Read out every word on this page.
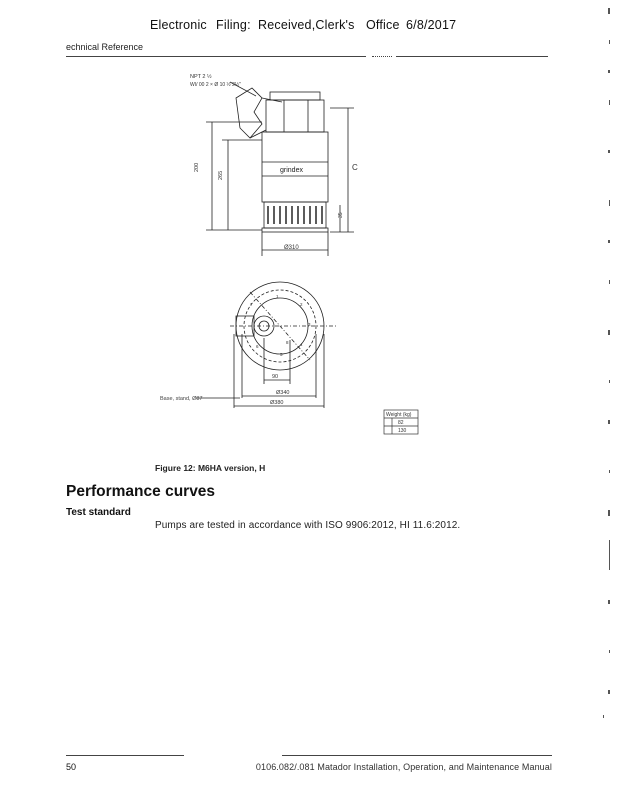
Electronic Filing: Received,Clerk's Office 6/8/2017
echnical Reference
NPT 2 ½
WI/ 00 2 × Ø 10 ½ 2½"
grindex
200
265
C
35
Ø310
1
2
3
4
5
6
7
8
90
Ø340
Ø380
Base, stand, Ø87
Weight (kg)
82
130
Figure 12: M6HA version, H
Performance curves
Test standard
Pumps are tested in accordance with ISO 9906:2012, HI 11.6:2012.
50	0106.082/.081 Matador Installation, Operation, and Maintenance Manual
